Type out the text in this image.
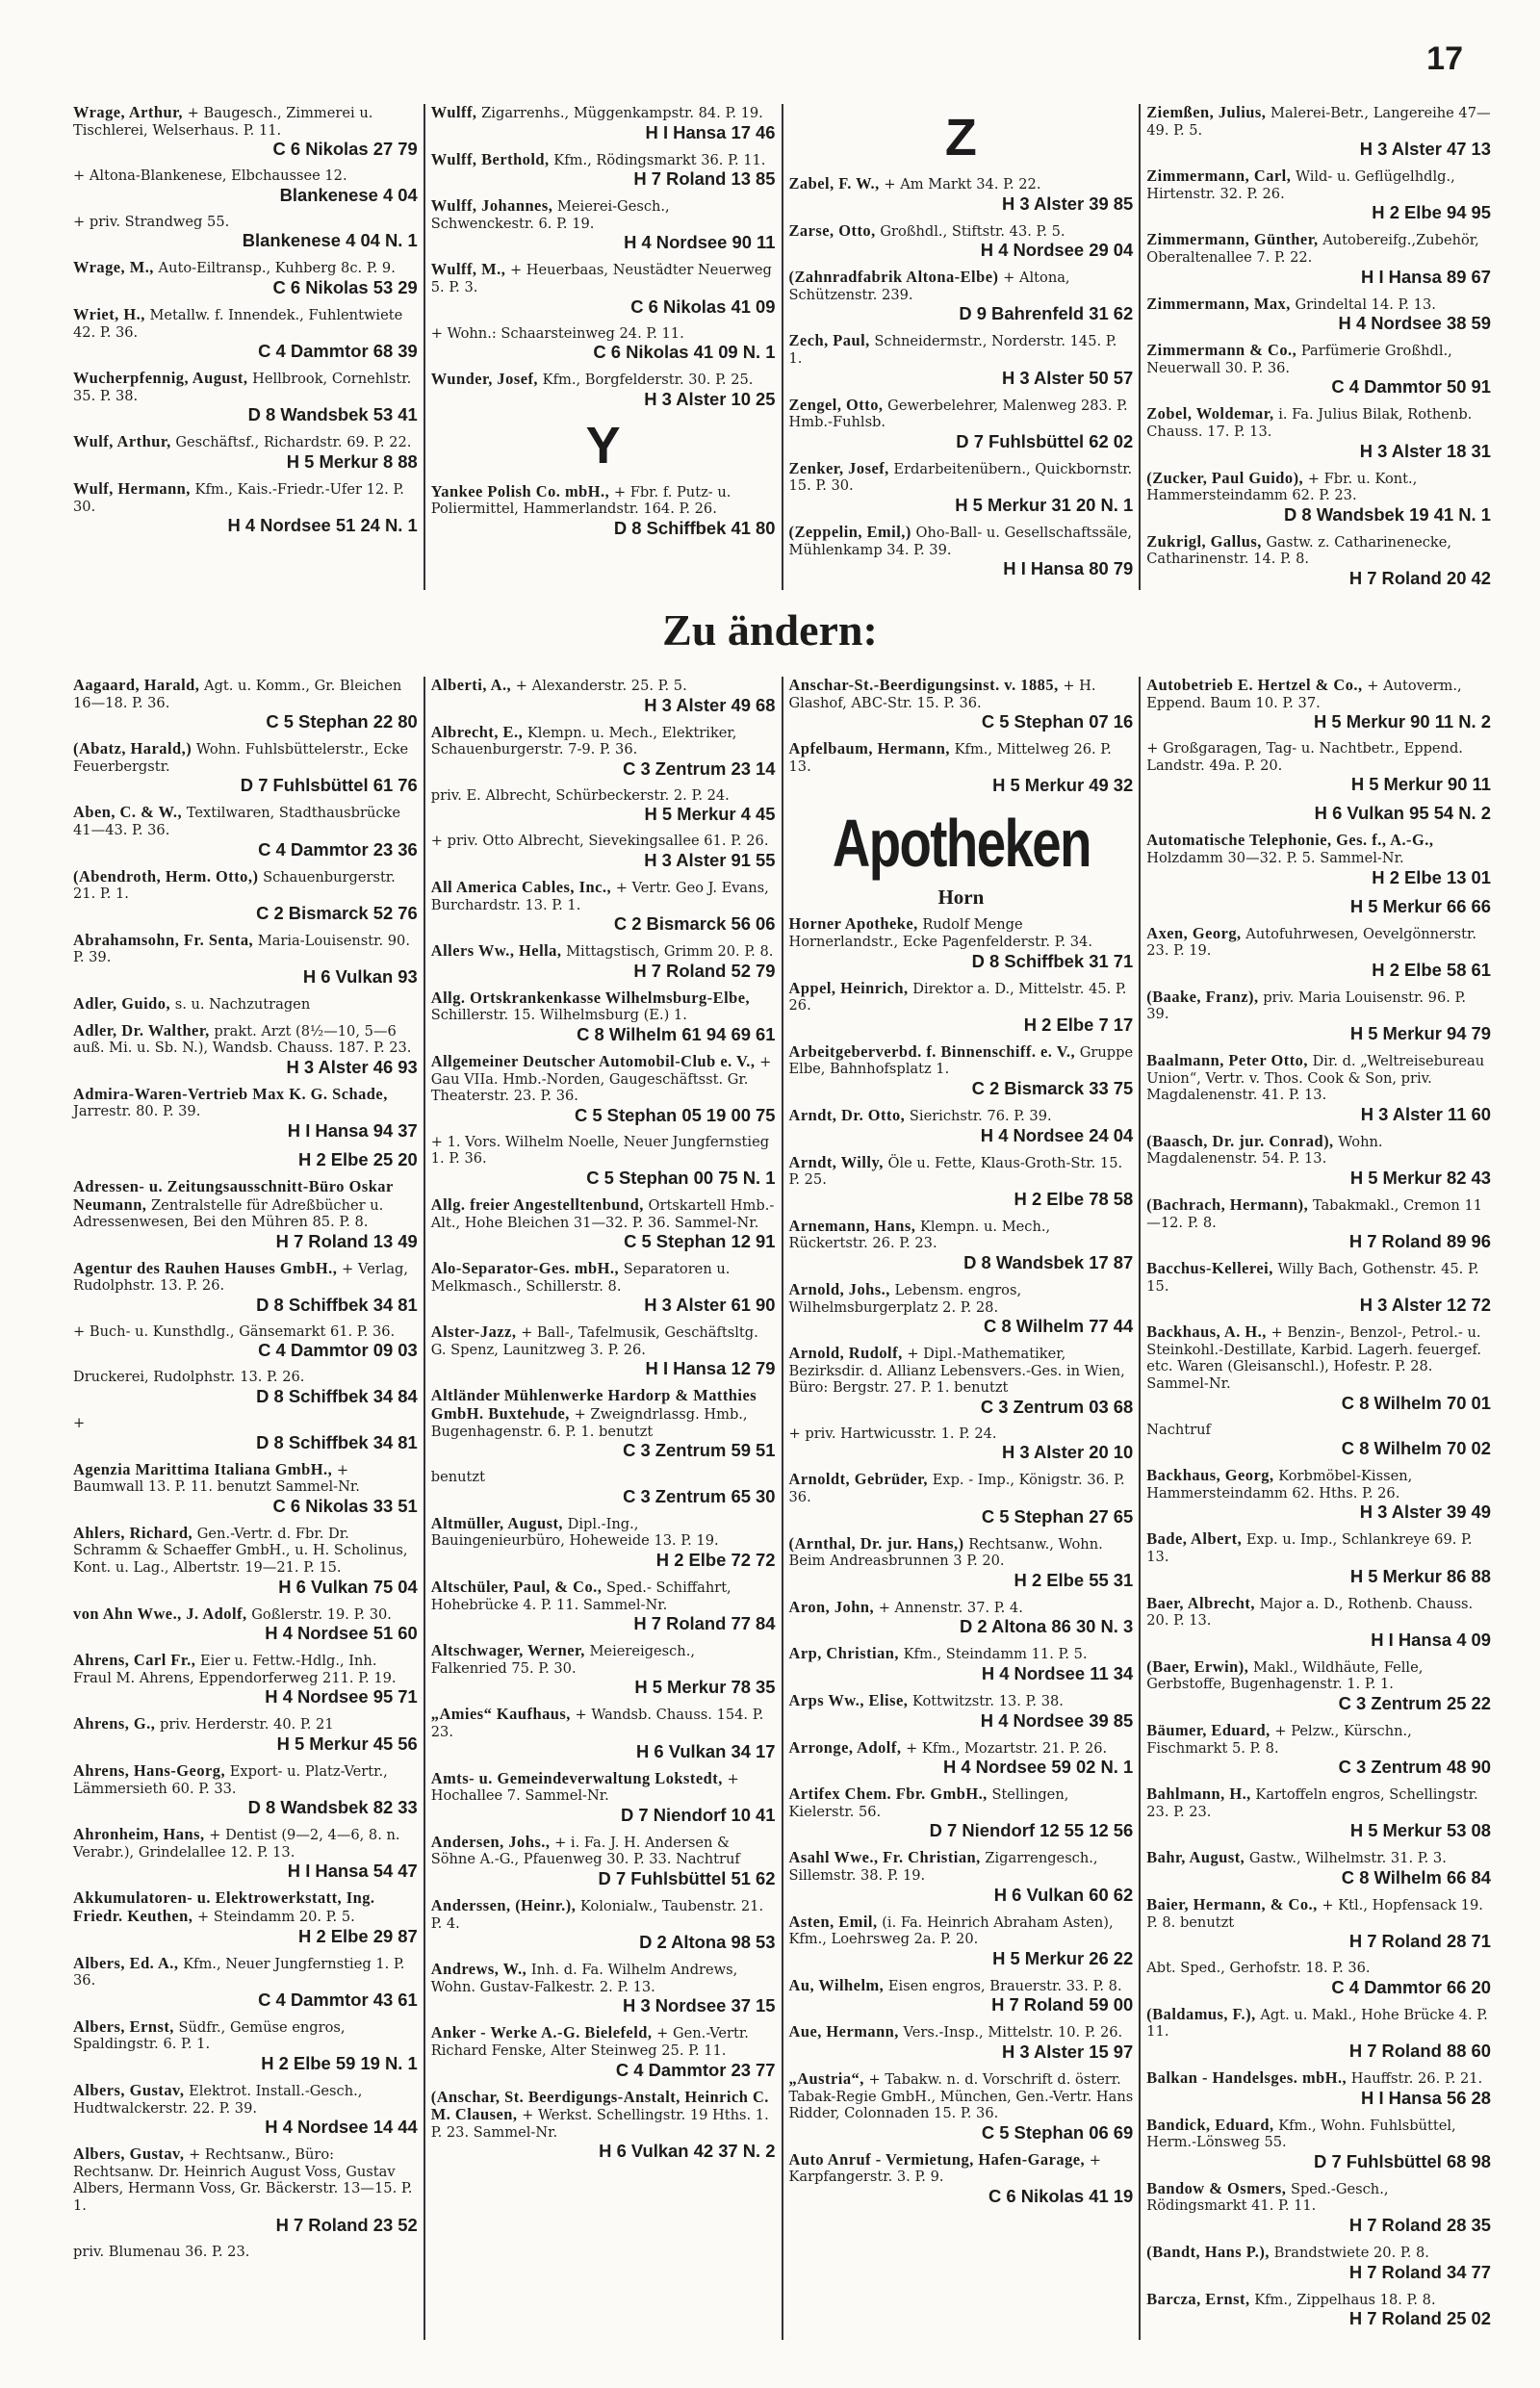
17
Wrage, Arthur, + Baugesch., Zimmerei u. Tischlerei, Welserhaus. P. 11.
C 6 Nikolas 27 79
+ Altona-Blankenese, Elbchaussee 12.
Blankenese 4 04
+ priv. Strandweg 55.
Blankenese 4 04 N. 1
Wrage, M., Auto-Eiltransp., Kuhberg 8c. P. 9.
C 6 Nikolas 53 29
Wriet, H., Metallw. f. Innendek., Fuhlentwiete 42. P. 36.
C 4 Dammtor 68 39
Wucherpfennig, August, Hellbrook, Cornehlstr. 35. P. 38.
D 8 Wandsbek 53 41
Wulf, Arthur, Geschäftsf., Richardstr. 69. P. 22.
H 5 Merkur 8 88
Wulf, Hermann, Kfm., Kais.-Friedr.-Ufer 12. P. 30.
H 4 Nordsee 51 24 N. 1
Wulff, Zigarrenhs., Müggenkampstr. 84. P. 19.
H I Hansa 17 46
Wulff, Berthold, Kfm., Rödingsmarkt 36. P. 11.
H 7 Roland 13 85
Wulff, Johannes, Meierei-Gesch., Schwenckestr. 6. P. 19.
H 4 Nordsee 90 11
Wulff, M., + Heuerbaas, Neustädter Neuerweg 5. P. 3.
C 6 Nikolas 41 09
+ Wohn.: Schaarsteinweg 24. P. 11.
C 6 Nikolas 41 09 N. 1
Wunder, Josef, Kfm., Borgfelderstr. 30. P. 25.
H 3 Alster 10 25
Y
Yankee Polish Co. mbH., + Fbr. f. Putz- u. Poliermittel, Hammerlandstr. 164. P. 26.
D 8 Schiffbek 41 80
Z
Zabel, F. W., + Am Markt 34. P. 22.
H 3 Alster 39 85
Zarse, Otto, Großhdl., Stiftstr. 43. P. 5.
H 4 Nordsee 29 04
(Zahnradfabrik Altona-Elbe) + Altona, Schützenstr. 239.
D 9 Bahrenfeld 31 62
Zech, Paul, Schneidermstr., Norderstr. 145. P. 1.
H 3 Alster 50 57
Zengel, Otto, Gewerbelehrer, Malenweg 283. P. Hmb.-Fuhlsb.
D 7 Fuhlsbüttel 62 02
Zenker, Josef, Erdarbeitenübern., Quickbornstr. 15. P. 30.
H 5 Merkur 31 20 N. 1
(Zeppelin, Emil,) Oho-Ball- u. Gesellschaftssäle, Mühlenkamp 34. P. 39.
H I Hansa 80 79
Ziemßen, Julius, Malerei-Betr., Langereihe 47—49. P. 5.
H 3 Alster 47 13
Zimmermann, Carl, Wild- u. Geflügelhdlg., Hirtenstr. 32. P. 26.
H 2 Elbe 94 95
Zimmermann, Günther, Autobereifg.,Zubehör, Oberaltenallee 7. P. 22.
H I Hansa 89 67
Zimmermann, Max, Grindeltal 14. P. 13.
H 4 Nordsee 38 59
Zimmermann & Co., Parfümerie Großhdl., Neuerwall 30. P. 36.
C 4 Dammtor 50 91
Zobel, Woldemar, i. Fa. Julius Bilak, Rothenb. Chauss. 17. P. 13.
H 3 Alster 18 31
(Zucker, Paul Guido), + Fbr. u. Kont., Hammersteindamm 62. P. 23.
D 8 Wandsbek 19 41 N. 1
Zukrigl, Gallus, Gastw. z. Catharinenecke, Catharinenstr. 14. P. 8.
H 7 Roland 20 42
Zu ändern:
Aagaard, Harald, Agt. u. Komm., Gr. Bleichen 16—18. P. 36.
C 5 Stephan 22 80
(Abatz, Harald,) Wohn. Fuhlsbüttelerstr., Ecke Feuerbergstr.
D 7 Fuhlsbüttel 61 76
Aben, C. & W., Textilwaren, Stadthausbrücke 41—43. P. 36.
C 4 Dammtor 23 36
(Abendroth, Herm. Otto,) Schauenburgerstr. 21. P. 1.
C 2 Bismarck 52 76
Abrahamsohn, Fr. Senta, Maria-Louisenstr. 90. P. 39.
H 6 Vulkan 93
Adler, Guido, s. u. Nachzutragen
Adler, Dr. Walther, prakt. Arzt (8½—10, 5—6 auß. Mi. u. Sb. N.), Wandsb. Chauss. 187. P. 23.
H 3 Alster 46 93
Admira-Waren-Vertrieb Max K. G. Schade, Jarrestr. 80. P. 39.
H I Hansa 94 37
H 2 Elbe 25 20
Adressen- u. Zeitungsausschnitt-Büro Oskar Neumann, Zentralstelle für Adreßbücher u. Adressenwesen, Bei den Mühren 85. P. 8.
H 7 Roland 13 49
Agentur des Rauhen Hauses GmbH., + Verlag, Rudolphstr. 13. P. 26.
D 8 Schiffbek 34 81
+ Buch- u. Kunsthdlg., Gänsemarkt 61. P. 36.
C 4 Dammtor 09 03
Druckerei, Rudolphstr. 13. P. 26.
D 8 Schiffbek 34 84
+
D 8 Schiffbek 34 81
Agenzia Marittima Italiana GmbH., + Baumwall 13. P. 11. benutzt Sammel-Nr.
C 6 Nikolas 33 51
Ahlers, Richard, Gen.-Vertr. d. Fbr. Dr. Schramm & Schaeffer GmbH., u. H. Scholinus, Kont. u. Lag., Albertstr. 19—21. P. 15.
H 6 Vulkan 75 04
von Ahn Wwe., J. Adolf, Goßlerstr. 19. P. 30.
H 4 Nordsee 51 60
Ahrens, Carl Fr., Eier u. Fettw.-Hdlg., Inh. Fraul M. Ahrens, Eppendorferweg 211. P. 19.
H 4 Nordsee 95 71
Ahrens, G., priv. Herderstr. 40. P. 21
H 5 Merkur 45 56
Ahrens, Hans-Georg, Export- u. Platz-Vertr., Lämmersieth 60. P. 33.
D 8 Wandsbek 82 33
Ahronheim, Hans, + Dentist (9—2, 4—6, 8. n. Verabr.), Grindelallee 12. P. 13.
H I Hansa 54 47
Akkumulatoren- u. Elektrowerkstatt, Ing. Friedr. Keuthen, + Steindamm 20. P. 5.
H 2 Elbe 29 87
Albers, Ed. A., Kfm., Neuer Jungfernstieg 1. P. 36.
C 4 Dammtor 43 61
Albers, Ernst, Südfr., Gemüse engros, Spaldingstr. 6. P. 1.
H 2 Elbe 59 19 N. 1
Albers, Gustav, Elektrot. Install.-Gesch., Hudtwalckerstr. 22. P. 39.
H 4 Nordsee 14 44
Albers, Gustav, + Rechtsanw., Büro: Rechtsanw. Dr. Heinrich August Voss, Gustav Albers, Hermann Voss, Gr. Bäckerstr. 13—15. P. 1.
H 7 Roland 23 52
priv. Blumenau 36. P. 23.
Alberti, A., + Alexanderstr. 25. P. 5.
H 3 Alster 49 68
Albrecht, E., Klempn. u. Mech., Elektriker, Schauenburgerstr. 7-9. P. 36.
C 3 Zentrum 23 14
priv. E. Albrecht, Schürbeckerstr. 2. P. 24.
H 5 Merkur 4 45
+ priv. Otto Albrecht, Sievekingsallee 61. P. 26.
H 3 Alster 91 55
All America Cables, Inc., + Vertr. Geo J. Evans, Burchardstr. 13. P. 1.
C 2 Bismarck 56 06
Allers Ww., Hella, Mittagstisch, Grimm 20. P. 8.
H 7 Roland 52 79
Allg. Ortskrankenkasse Wilhelmsburg-Elbe, Schillerstr. 15. Wilhelmsburg (E.) 1.
C 8 Wilhelm 61 94 69 61
Allgemeiner Deutscher Automobil-Club e. V., + Gau VIIa. Hmb.-Norden, Gaugeschäftsst. Gr. Theaterstr. 23. P. 36.
C 5 Stephan 05 19 00 75
+ 1. Vors. Wilhelm Noelle, Neuer Jungfernstieg 1. P. 36.
C 5 Stephan 00 75 N. 1
Allg. freier Angestelltenbund, Ortskartell Hmb.-Alt., Hohe Bleichen 31—32. P. 36. Sammel-Nr.
C 5 Stephan 12 91
Alo-Separator-Ges. mbH., Separatoren u. Melkmasch., Schillerstr. 8.
H 3 Alster 61 90
Alster-Jazz, + Ball-, Tafelmusik, Geschäftsltg. G. Spenz, Launitzweg 3. P. 26.
H I Hansa 12 79
Altländer Mühlenwerke Hardorp & Matthies GmbH. Buxtehude, + Zweigndrlassg. Hmb., Bugenhagenstr. 6. P. 1. benutzt
C 3 Zentrum 59 51
benutzt
C 3 Zentrum 65 30
Altmüller, August, Dipl.-Ing., Bauingenieurbüro, Hoheweide 13. P. 19.
H 2 Elbe 72 72
Altschüler, Paul, & Co., Sped.- Schiffahrt, Hohebrücke 4. P. 11. Sammel-Nr.
H 7 Roland 77 84
Altschwager, Werner, Meiereigesch., Falkenried 75. P. 30.
H 5 Merkur 78 35
„Amies“ Kaufhaus, + Wandsb. Chauss. 154. P. 23.
H 6 Vulkan 34 17
Amts- u. Gemeindeverwaltung Lokstedt, + Hochallee 7. Sammel-Nr.
D 7 Niendorf 10 41
Andersen, Johs., + i. Fa. J. H. Andersen & Söhne A.-G., Pfauenweg 30. P. 33. Nachtruf
D 7 Fuhlsbüttel 51 62
Anderssen, (Heinr.), Kolonialw., Taubenstr. 21. P. 4.
D 2 Altona 98 53
Andrews, W., Inh. d. Fa. Wilhelm Andrews, Wohn. Gustav-Falkestr. 2. P. 13.
H 3 Nordsee 37 15
Anker - Werke A.-G. Bielefeld, + Gen.-Vertr. Richard Fenske, Alter Steinweg 25. P. 11.
C 4 Dammtor 23 77
(Anschar, St. Beerdigungs-Anstalt, Heinrich C. M. Clausen, + Werkst. Schellingstr. 19 Hths. 1. P. 23. Sammel-Nr.
H 6 Vulkan 42 37 N. 2
Anschar-St.-Beerdigungsinst. v. 1885, + H. Glashof, ABC-Str. 15. P. 36.
C 5 Stephan 07 16
Apfelbaum, Hermann, Kfm., Mittelweg 26. P. 13.
H 5 Merkur 49 32
Apotheken
Horn
Horner Apotheke, Rudolf Menge Hornerlandstr., Ecke Pagenfelderstr. P. 34.
D 8 Schiffbek 31 71
Appel, Heinrich, Direktor a. D., Mittelstr. 45. P. 26.
H 2 Elbe 7 17
Arbeitgeberverbd. f. Binnenschiff. e. V., Gruppe Elbe, Bahnhofsplatz 1.
C 2 Bismarck 33 75
Arndt, Dr. Otto, Sierichstr. 76. P. 39.
H 4 Nordsee 24 04
Arndt, Willy, Öle u. Fette, Klaus-Groth-Str. 15. P. 25.
H 2 Elbe 78 58
Arnemann, Hans, Klempn. u. Mech., Rückertstr. 26. P. 23.
D 8 Wandsbek 17 87
Arnold, Johs., Lebensm. engros, Wilhelmsburgerplatz 2. P. 28.
C 8 Wilhelm 77 44
Arnold, Rudolf, + Dipl.-Mathematiker, Bezirksdir. d. Allianz Lebensvers.-Ges. in Wien, Büro: Bergstr. 27. P. 1. benutzt
C 3 Zentrum 03 68
+ priv. Hartwicusstr. 1. P. 24.
H 3 Alster 20 10
Arnoldt, Gebrüder, Exp. - Imp., Königstr. 36. P. 36.
C 5 Stephan 27 65
(Arnthal, Dr. jur. Hans,) Rechtsanw., Wohn. Beim Andreasbrunnen 3 P. 20.
H 2 Elbe 55 31
Aron, John, + Annenstr. 37. P. 4.
D 2 Altona 86 30 N. 3
Arp, Christian, Kfm., Steindamm 11. P. 5.
H 4 Nordsee 11 34
Arps Ww., Elise, Kottwitzstr. 13. P. 38.
H 4 Nordsee 39 85
Arronge, Adolf, + Kfm., Mozartstr. 21. P. 26.
H 4 Nordsee 59 02 N. 1
Artifex Chem. Fbr. GmbH., Stellingen, Kielerstr. 56.
D 7 Niendorf 12 55 12 56
Asahl Wwe., Fr. Christian, Zigarrengesch., Sillemstr. 38. P. 19.
H 6 Vulkan 60 62
Asten, Emil, (i. Fa. Heinrich Abraham Asten), Kfm., Loehrsweg 2a. P. 20.
H 5 Merkur 26 22
Au, Wilhelm, Eisen engros, Brauerstr. 33. P. 8.
H 7 Roland 59 00
Aue, Hermann, Vers.-Insp., Mittelstr. 10. P. 26.
H 3 Alster 15 97
„Austria“, + Tabakw. n. d. Vorschrift d. österr. Tabak-Regie GmbH., München, Gen.-Vertr. Hans Ridder, Colonnaden 15. P. 36.
C 5 Stephan 06 69
Auto Anruf - Vermietung, Hafen-Garage, + Karpfangerstr. 3. P. 9.
C 6 Nikolas 41 19
Autobetrieb E. Hertzel & Co., + Autoverm., Eppend. Baum 10. P. 37.
H 5 Merkur 90 11 N. 2
+ Großgaragen, Tag- u. Nachtbetr., Eppend. Landstr. 49a. P. 20.
H 5 Merkur 90 11
H 6 Vulkan 95 54 N. 2
Automatische Telephonie, Ges. f., A.-G., Holzdamm 30—32. P. 5. Sammel-Nr.
H 2 Elbe 13 01
H 5 Merkur 66 66
Axen, Georg, Autofuhrwesen, Oevelgönnerstr. 23. P. 19.
H 2 Elbe 58 61
(Baake, Franz), priv. Maria Louisenstr. 96. P. 39.
H 5 Merkur 94 79
Baalmann, Peter Otto, Dir. d. „Weltreisebureau Union“, Vertr. v. Thos. Cook & Son, priv. Magdalenenstr. 41. P. 13.
H 3 Alster 11 60
(Baasch, Dr. jur. Conrad), Wohn. Magdalenenstr. 54. P. 13.
H 5 Merkur 82 43
(Bachrach, Hermann), Tabakmakl., Cremon 11—12. P. 8.
H 7 Roland 89 96
Bacchus-Kellerei, Willy Bach, Gothenstr. 45. P. 15.
H 3 Alster 12 72
Backhaus, A. H., + Benzin-, Benzol-, Petrol.- u. Steinkohl.-Destillate, Karbid. Lagerh. feuergef. etc. Waren (Gleisanschl.), Hofestr. P. 28. Sammel-Nr.
C 8 Wilhelm 70 01
Nachtruf
C 8 Wilhelm 70 02
Backhaus, Georg, Korbmöbel-Kissen, Hammersteindamm 62. Hths. P. 26.
H 3 Alster 39 49
Bade, Albert, Exp. u. Imp., Schlankreye 69. P. 13.
H 5 Merkur 86 88
Baer, Albrecht, Major a. D., Rothenb. Chauss. 20. P. 13.
H I Hansa 4 09
(Baer, Erwin), Makl., Wildhäute, Felle, Gerbstoffe, Bugenhagenstr. 1. P. 1.
C 3 Zentrum 25 22
Bäumer, Eduard, + Pelzw., Kürschn., Fischmarkt 5. P. 8.
C 3 Zentrum 48 90
Bahlmann, H., Kartoffeln engros, Schellingstr. 23. P. 23.
H 5 Merkur 53 08
Bahr, August, Gastw., Wilhelmstr. 31. P. 3.
C 8 Wilhelm 66 84
Baier, Hermann, & Co., + Ktl., Hopfensack 19. P. 8. benutzt
H 7 Roland 28 71
Abt. Sped., Gerhofstr. 18. P. 36.
C 4 Dammtor 66 20
(Baldamus, F.), Agt. u. Makl., Hohe Brücke 4. P. 11.
H 7 Roland 88 60
Balkan - Handelsges. mbH., Hauffstr. 26. P. 21.
H I Hansa 56 28
Bandick, Eduard, Kfm., Wohn. Fuhlsbüttel, Herm.-Lönsweg 55.
D 7 Fuhlsbüttel 68 98
Bandow & Osmers, Sped.-Gesch., Rödingsmarkt 41. P. 11.
H 7 Roland 28 35
(Bandt, Hans P.), Brandstwiete 20. P. 8.
H 7 Roland 34 77
Barcza, Ernst, Kfm., Zippelhaus 18. P. 8.
H 7 Roland 25 02
